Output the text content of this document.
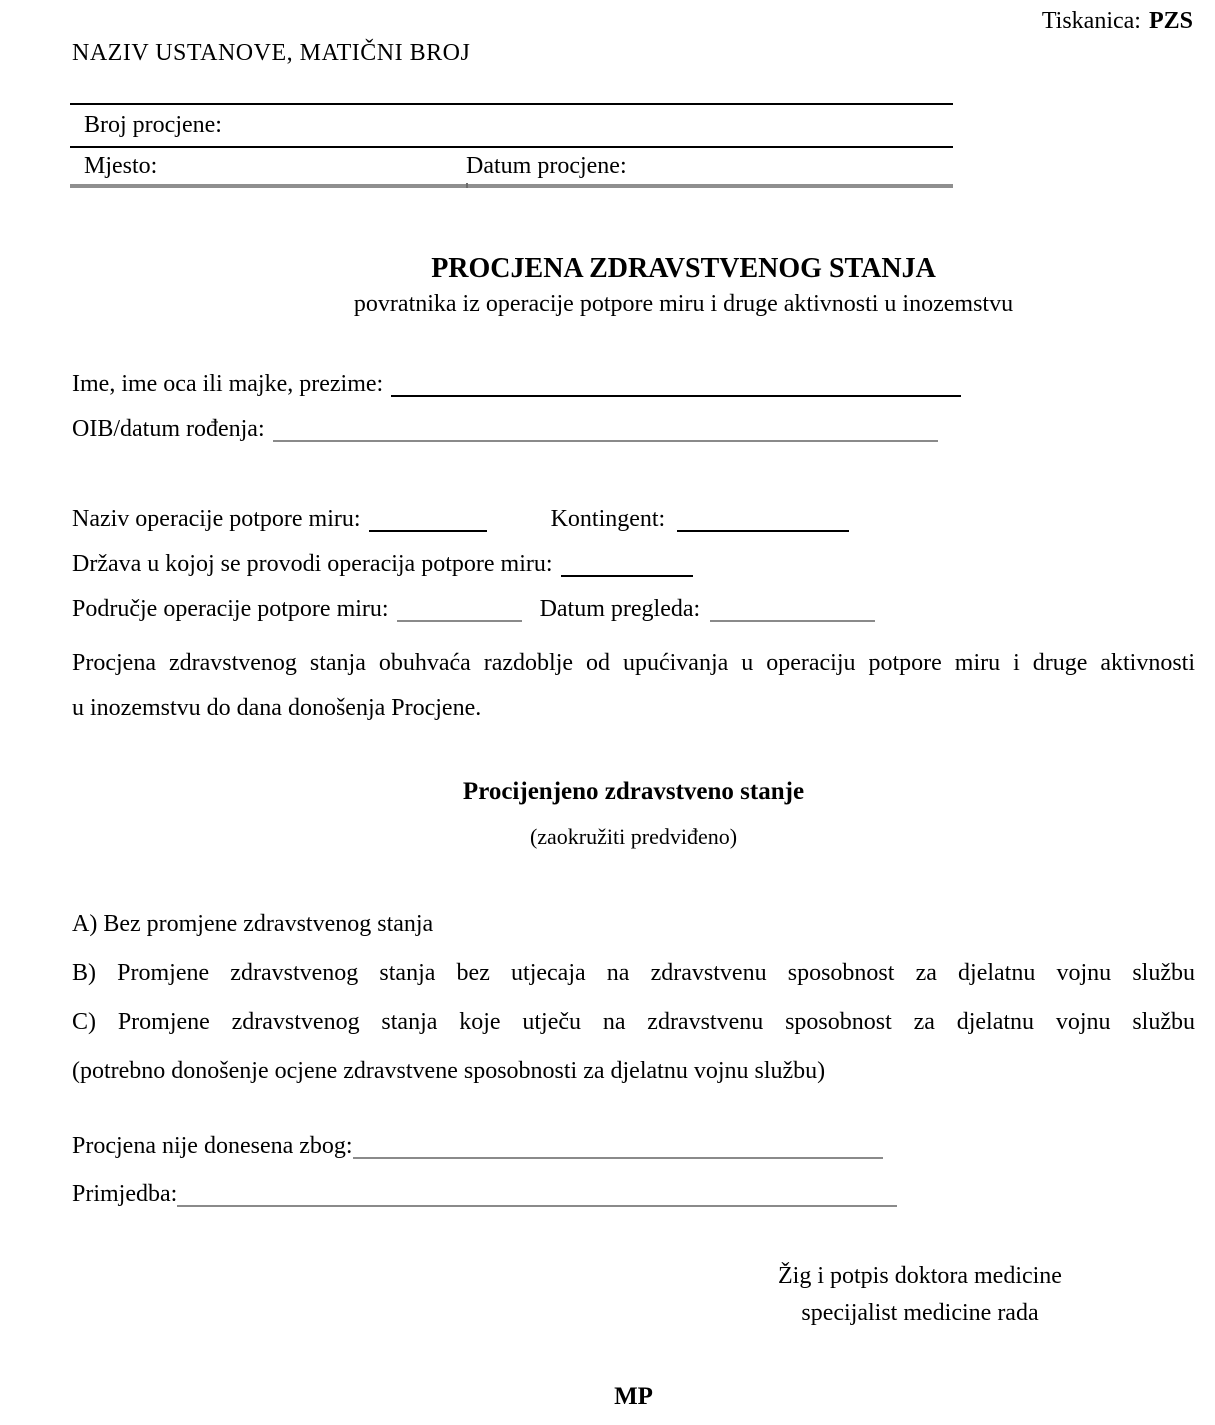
Tiskanica: PZS
NAZIV USTANOVE, MATIČNI BROJ
Broj procjene:
Mjesto:	Datum procjene:
PROCJENA ZDRAVSTVENOG STANJA
povratnika iz operacije potpore miru i druge aktivnosti u inozemstvu
Ime, ime oca ili majke, prezime:
OIB/datum rođenja:
Naziv operacije potpore miru:	Kontingent:
Država u kojoj se provodi operacija potpore miru:
Područje operacije potpore miru:	Datum pregleda:
Procjena zdravstvenog stanja obuhvaća razdoblje od upućivanja u operaciju potpore miru i druge aktivnosti
u inozemstvu do dana donošenja Procjene.
Procijenjeno zdravstveno stanje
(zaokružiti predviđeno)
A) Bez promjene zdravstvenog stanja
B) Promjene zdravstvenog stanja bez utjecaja na zdravstvenu sposobnost za djelatnu vojnu službu
C) Promjene zdravstvenog stanja koje utječu na zdravstvenu sposobnost za djelatnu vojnu službu
(potrebno donošenje ocjene zdravstvene sposobnosti za djelatnu vojnu službu)
Procjena nije donesena zbog:
Primjedba:
Žig i potpis doktora medicine
specijalist medicine rada
MP
